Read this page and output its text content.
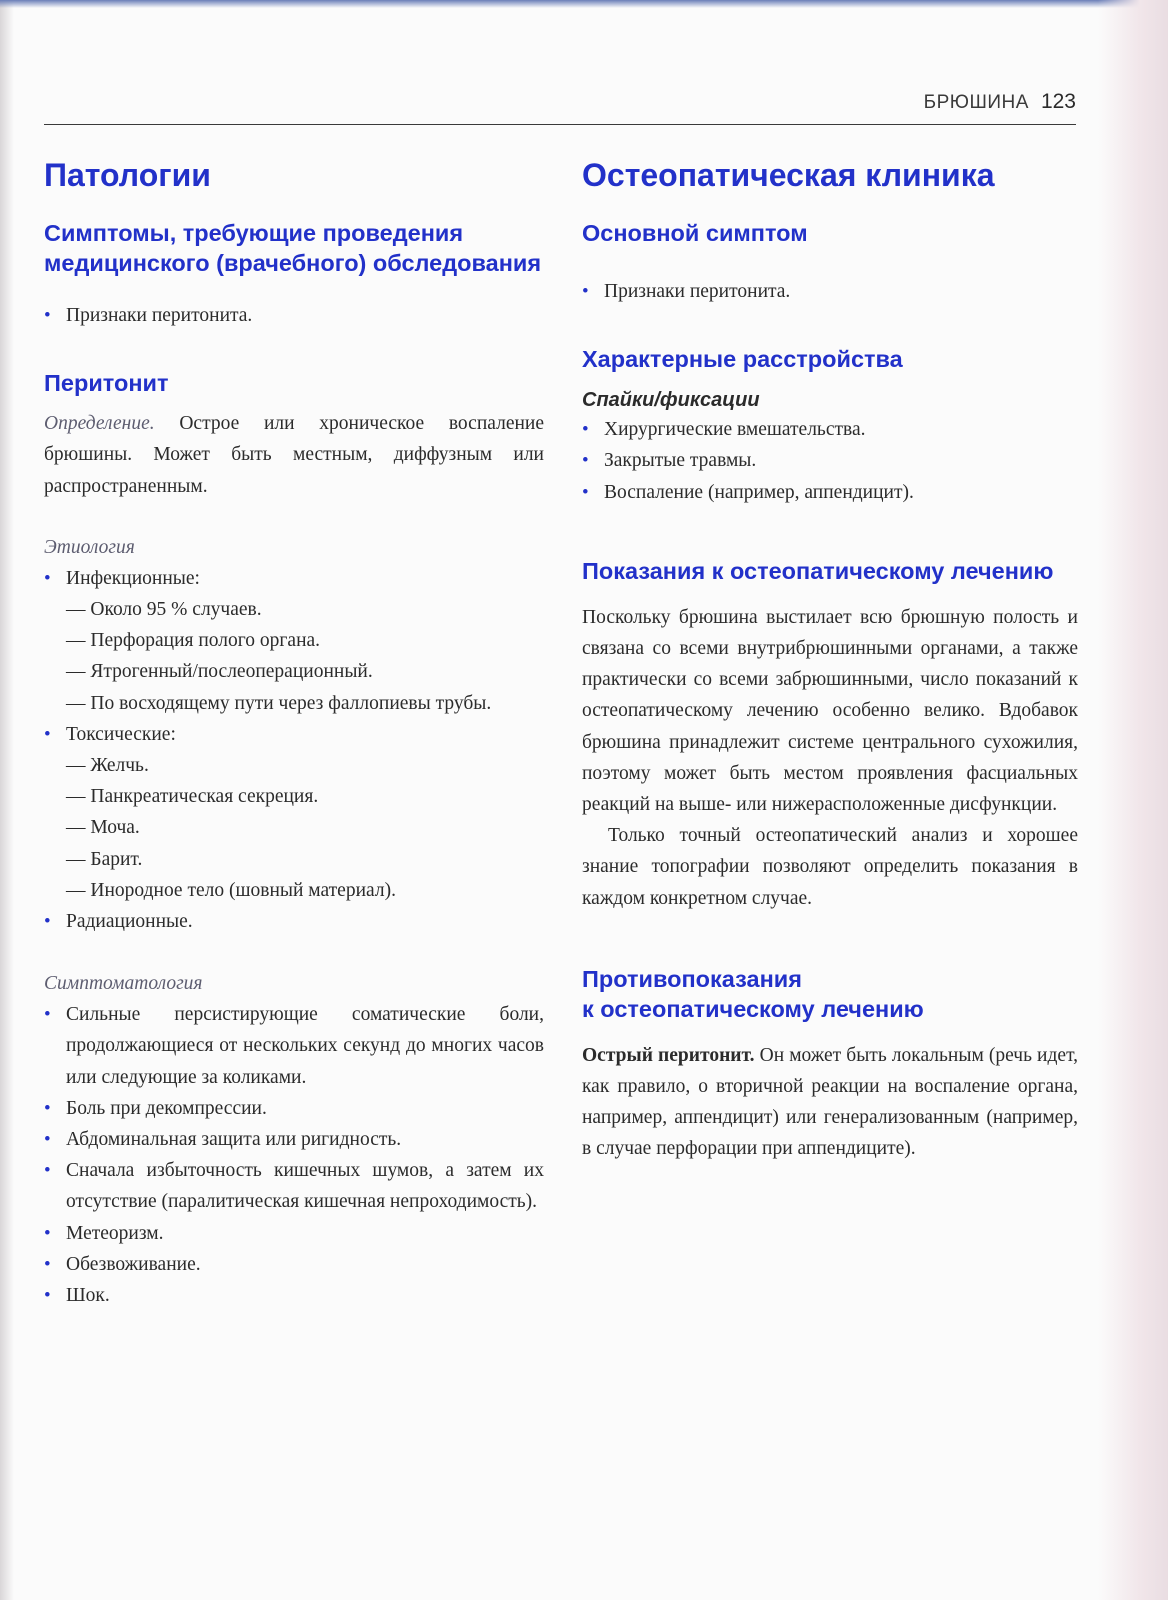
БРЮШИНА 123
Патологии
Симптомы, требующие проведения медицинского (врачебного) обследования
• Признаки перитонита.
Перитонит

Определение. Острое или хроническое воспаление брюшины. Может быть местным, диффузным или распространенным.

Этиология
• Инфекционные:
— Около 95 % случаев.
— Перфорация полого органа.
— Ятрогенный/послеоперационный.
— По восходящему пути через фаллопиевы трубы.
• Токсические:
— Желчь.
— Панкреатическая секреция.
— Моча.
— Барит.
— Инородное тело (шовный материал).
• Радиационные.
Симптоматология
• Сильные персистирующие соматические боли, продолжающиеся от нескольких секунд до многих часов или следующие за коликами.
• Боль при декомпрессии.
• Абдоминальная защита или ригидность.
• Сначала избыточность кишечных шумов, а затем их отсутствие (паралитическая кишечная непроходимость).
• Метеоризм.
• Обезвоживание.
• Шок.
Остеопатическая клиника
Основной симптом
• Признаки перитонита.
Характерные расстройства
Спайки/фиксации
• Хирургические вмешательства.
• Закрытые травмы.
• Воспаление (например, аппендицит).
Показания к остеопатическому лечению

Поскольку брюшина выстилает всю брюшную полость и связана со всеми внутрибрюшинными органами, а также практически со всеми забрюшинными, число показаний к остеопатическому лечению особенно велико. Вдобавок брюшина принадлежит системе центрального сухожилия, поэтому может быть местом проявления фасциальных реакций на выше- или нижерасположенные дисфункции.

Только точный остеопатический анализ и хорошее знание топографии позволяют определить показания в каждом конкретном случае.

Противопоказания
к остеопатическому лечению

Острый перитонит. Он может быть локальным (речь идет, как правило, о вторичной реакции на воспаление органа, например, аппендицит) или генерализованным (например, в случае перфорации при аппендиците).
